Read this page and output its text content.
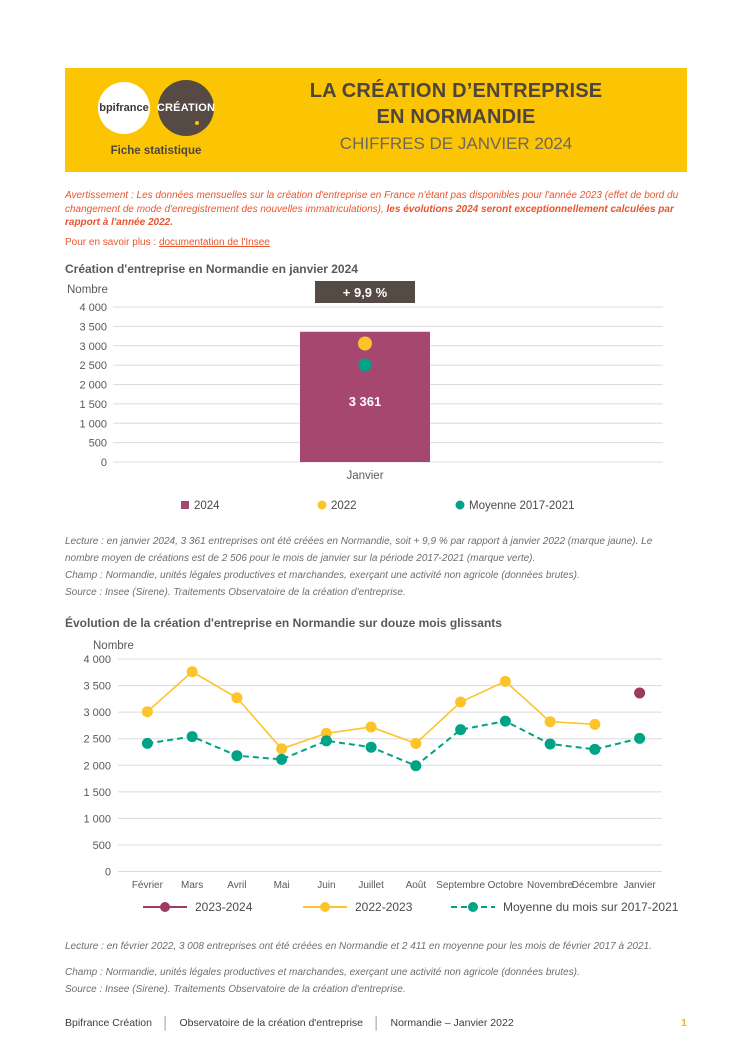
bpifrance CRÉATION
Fiche statistique
LA CRÉATION D’ENTREPRISE
EN NORMANDIE
CHIFFRES DE JANVIER 2024

Avertissement : Les données mensuelles sur la création d'entreprise en France n'étant pas disponibles pour l'année 2023 (effet de bord du changement de mode d'enregistrement des nouvelles immatriculations), les évolutions 2024 seront exceptionnellement calculées par rapport à l'année 2022.

Pour en savoir plus : documentation de l'Insee

Création d'entreprise en Normandie en janvier 2024
Nombre
4 000
3 500
3 000
2 500
2 000
1 500
1 000
500
0
+ 9,9 %
3 361
Janvier
2024	2022	Moyenne 2017-2021

Lecture : en janvier 2024, 3 361 entreprises ont été créées en Normandie, soit + 9,9 % par rapport à janvier 2022 (marque jaune). Le nombre moyen de créations est de 2 506 pour le mois de janvier sur la période 2017-2021 (marque verte).

Champ : Normandie, unités légales productives et marchandes, exerçant une activité non agricole (données brutes).

Source : Insee (Sirene). Traitements Observatoire de la création d'entreprise.

Évolution de la création d'entreprise en Normandie sur douze mois glissants
Nombre
4 000
3 500
3 000
2 500
2 000
1 500
1 000
500
0
Février Mars Avril	Mai	Juin Juillet Août Septembre Octobre Novembre
Décembre Janvier
2023-2024	2022-2023	Moyenne du mois sur 2017-2021

Lecture : en février 2022, 3 008 entreprises ont été créées en Normandie et 2 411 en moyenne pour les mois de février 2017 à 2021.

Champ : Normandie, unités légales productives et marchandes, exerçant une activité non agricole (données brutes).

Source : Insee (Sirene). Traitements Observatoire de la création d'entreprise.

Bpifrance Création │ Observatoire de la création d'entreprise │ Normandie – Janvier 2022	1
